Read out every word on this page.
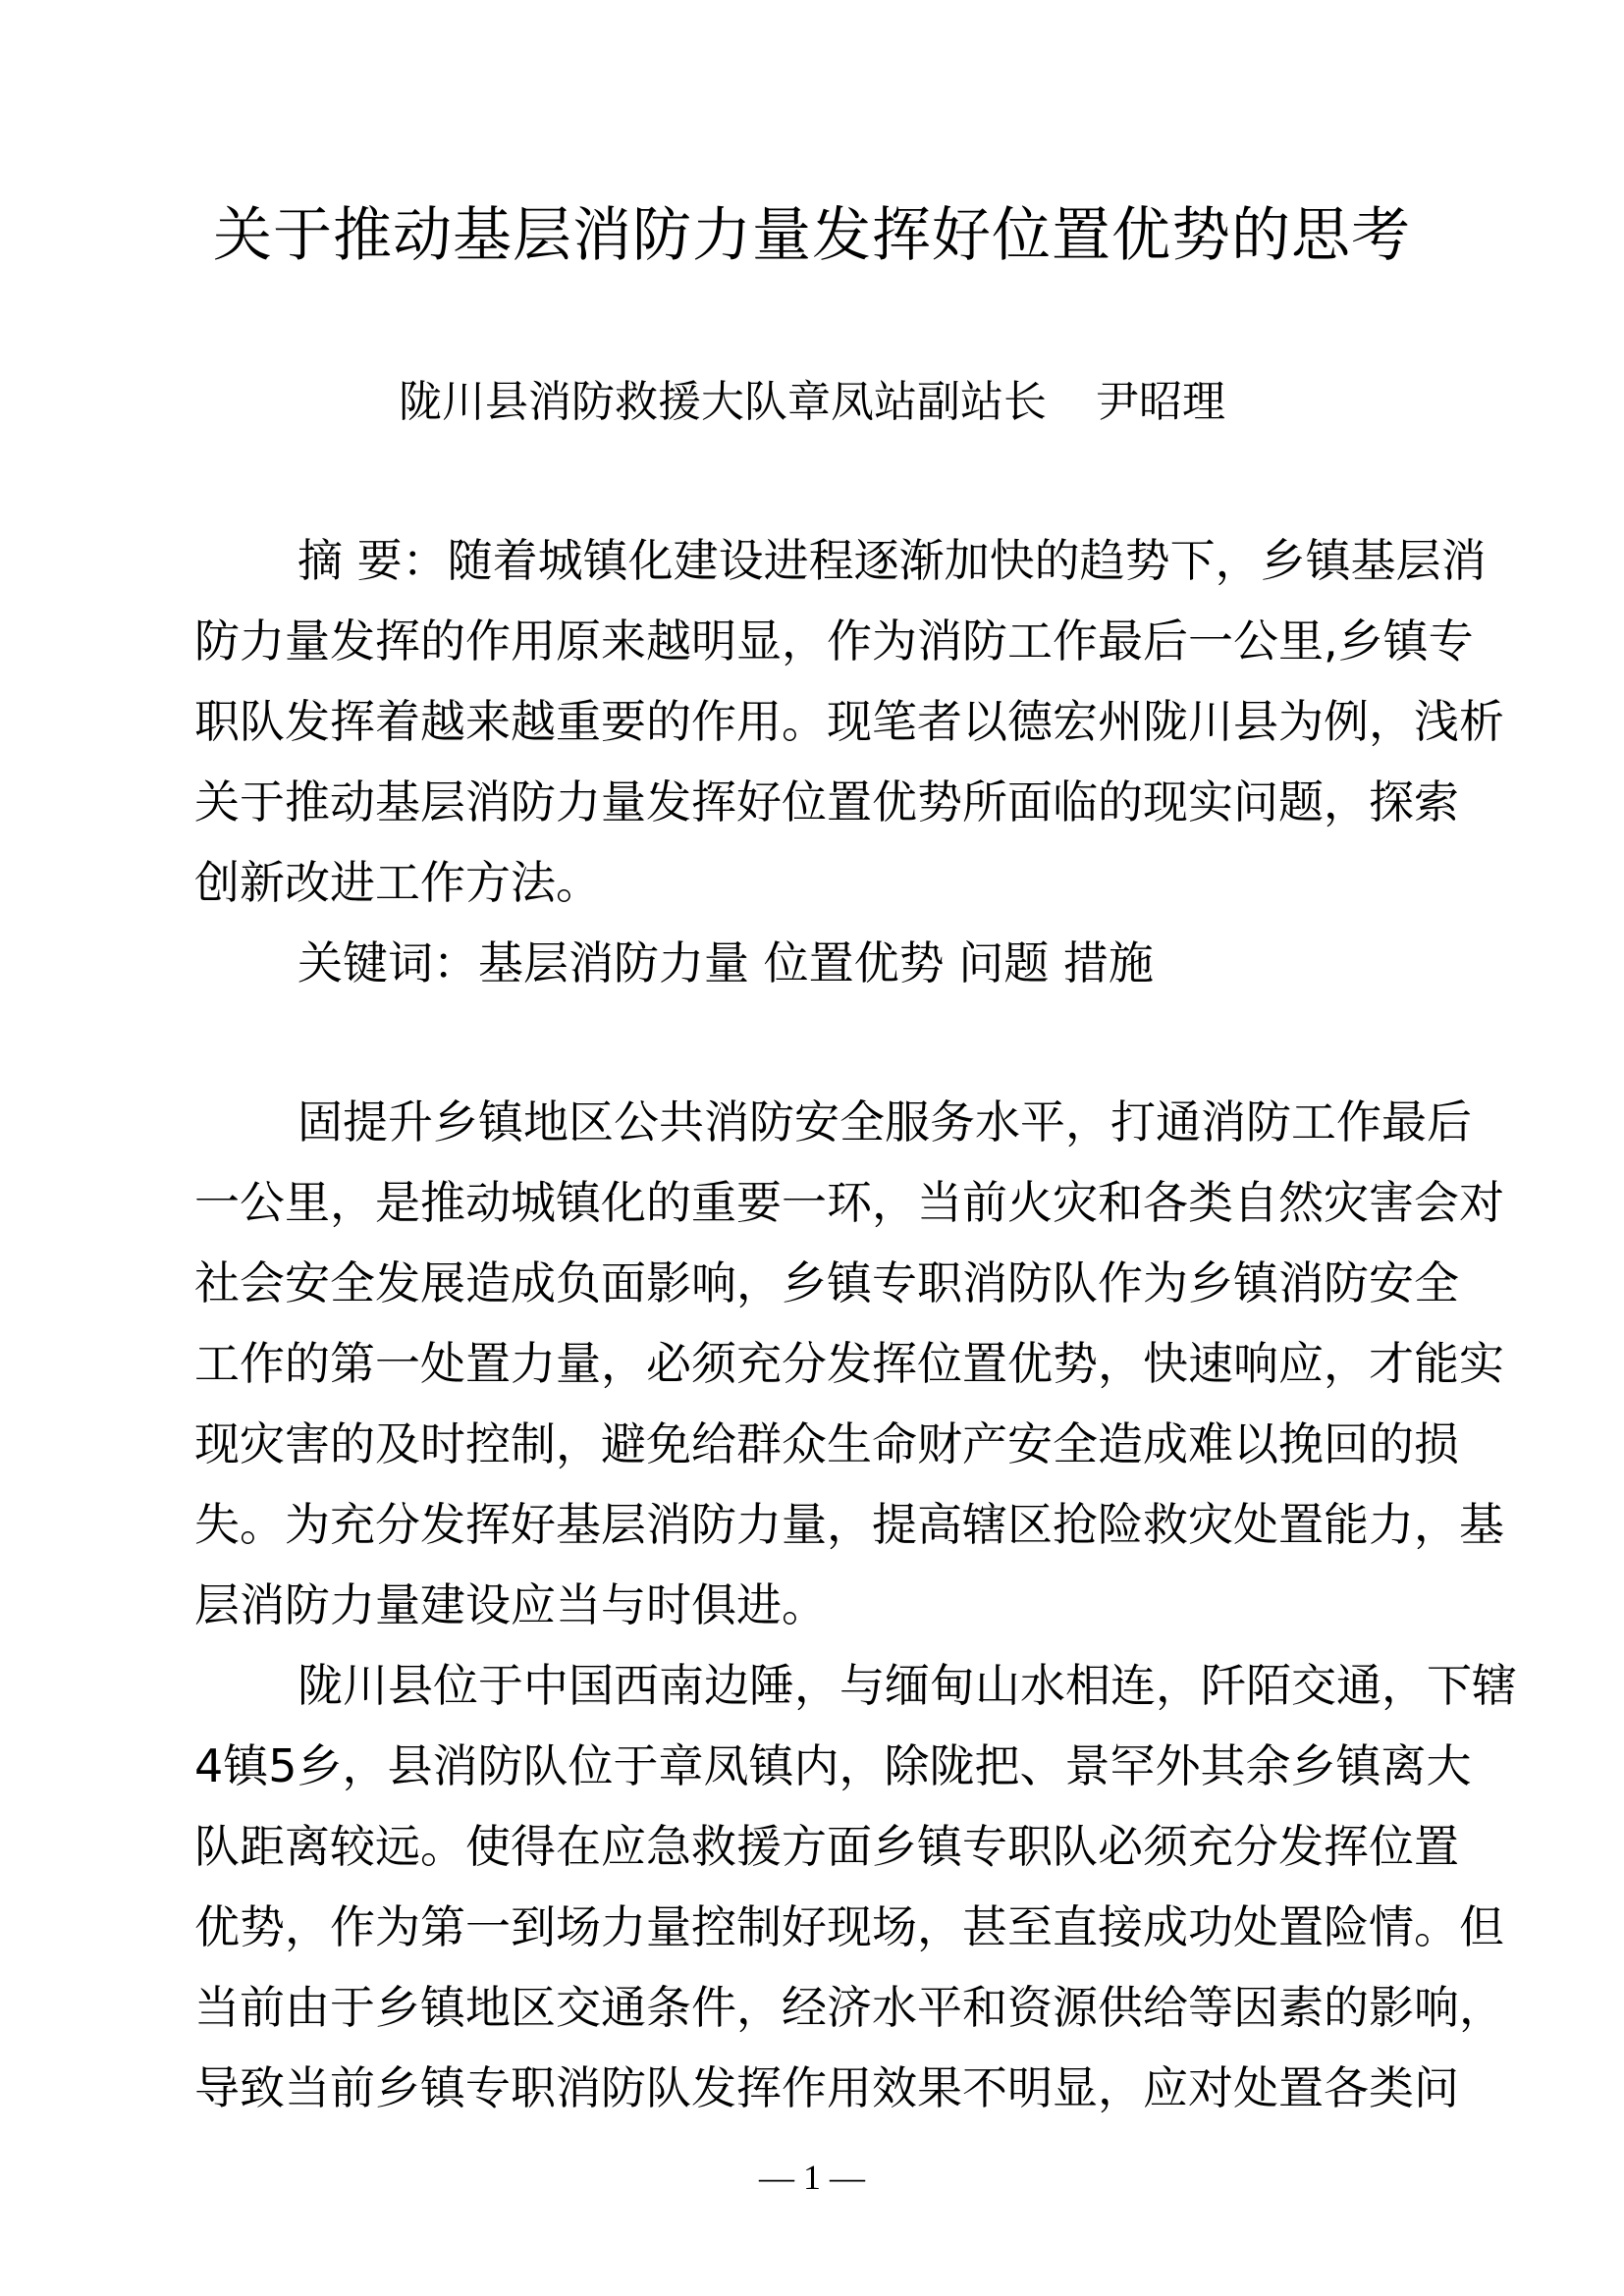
关于推动基层消防力量发挥好位置优势的思考
陇川县消防救援大队章凤站副站长 尹昭理
摘 要：随着城镇化建设进程逐渐加快的趋势下，乡镇基层消
防力量发挥的作用原来越明显，作为消防工作最后一公里,乡镇专
职队发挥着越来越重要的作用。现笔者以德宏州陇川县为例，浅析
关于推动基层消防力量发挥好位置优势所面临的现实问题，探索
创新改进工作方法。
关键词：基层消防力量 位置优势 问题 措施
固提升乡镇地区公共消防安全服务水平，打通消防工作最后
一公里，是推动城镇化的重要一环，当前火灾和各类自然灾害会对
社会安全发展造成负面影响，乡镇专职消防队作为乡镇消防安全
工作的第一处置力量，必须充分发挥位置优势，快速响应，才能实
现灾害的及时控制，避免给群众生命财产安全造成难以挽回的损
失。为充分发挥好基层消防力量，提高辖区抢险救灾处置能力，基
层消防力量建设应当与时俱进。
陇川县位于中国西南边陲，与缅甸山水相连，阡陌交通，下辖
4镇5乡，县消防队位于章凤镇内，除陇把、景罕外其余乡镇离大
队距离较远。使得在应急救援方面乡镇专职队必须充分发挥位置
优势，作为第一到场力量控制好现场，甚至直接成功处置险情。但
当前由于乡镇地区交通条件，经济水平和资源供给等因素的影响，
导致当前乡镇专职消防队发挥作用效果不明显，应对处置各类问
— 1 —
